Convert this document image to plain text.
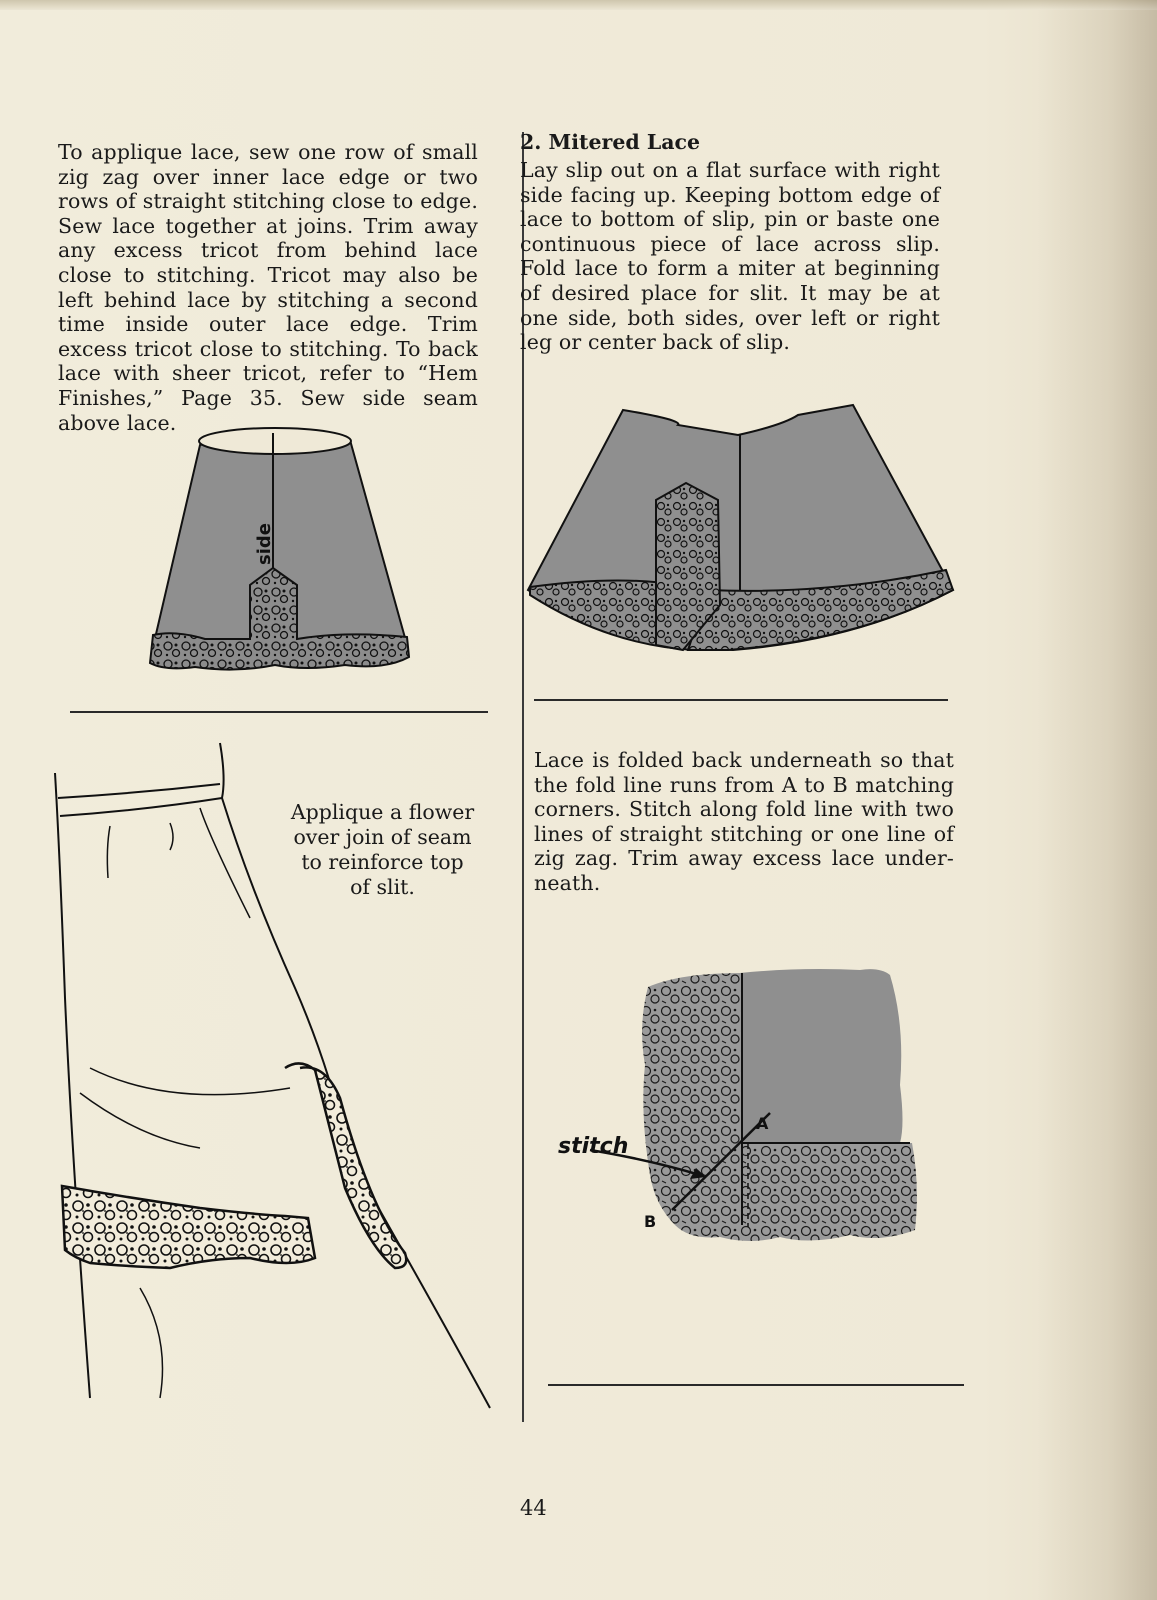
To applique lace, sew one row of small zig zag over inner lace edge or two rows of straight stitching close to edge. Sew lace together at joins. Trim away any excess tricot from behind lace close to stitching. Tricot may also be left behind lace by stitching a second time inside outer lace edge. Trim excess tricot close to stitching. To back lace with sheer tricot, refer to “Hem Finishes,” Page 35. Sew side seam above lace.
side
Applique a flower
over join of seam
to reinforce top
of slit.
2. Mitered Lace
Lay slip out on a flat surface with right side facing up. Keeping bottom edge of lace to bottom of slip, pin or baste one continuous piece of lace across slip. Fold lace to form a miter at beginning of desired place for slit. It may be at one side, both sides, over left or right leg or center back of slip.
Lace is folded back underneath so that the fold line runs from A to B matching corners. Stitch along fold line with two lines of straight stitching or one line of zig zag. Trim away excess lace under- neath.
stitch
A
B
44
